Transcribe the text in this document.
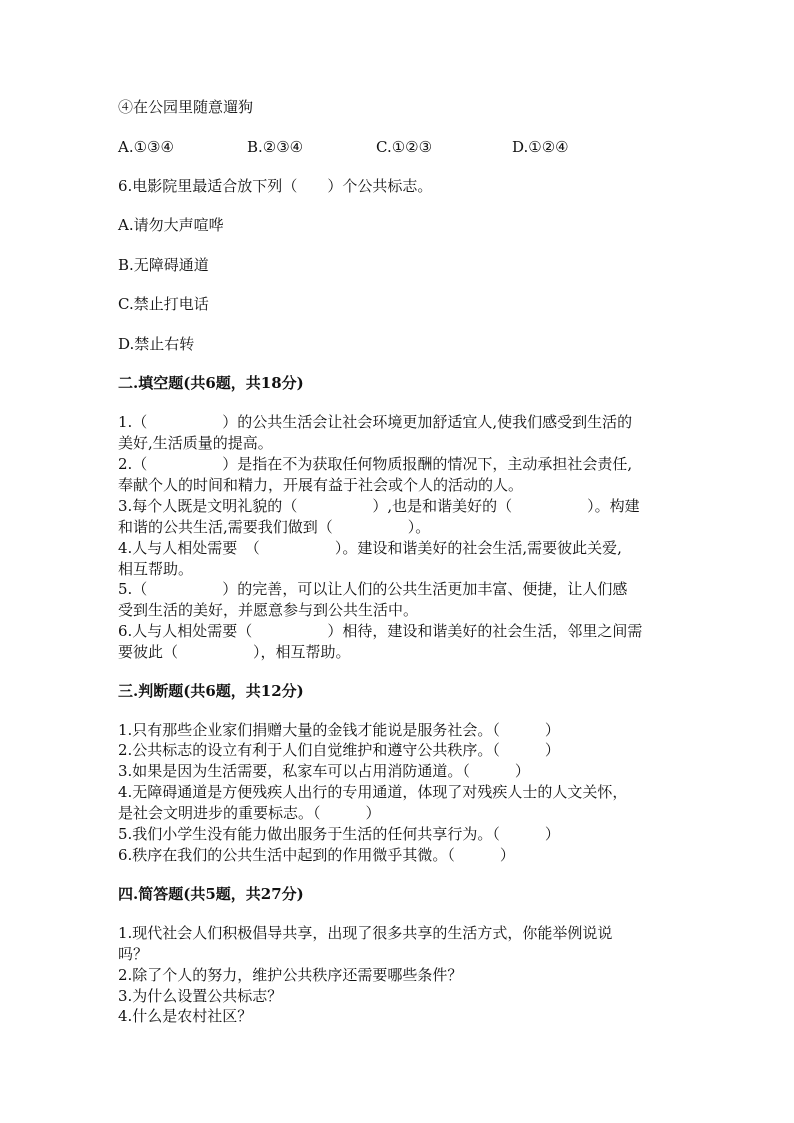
④在公园里随意遛狗
A.①③④	B.②③④	C.①②③	D.①②④
6.电影院里最适合放下列（　　）个公共标志。
A.请勿大声喧哗
B.无障碍通道
C.禁止打电话
D.禁止右转
二.填空题(共6题，共18分)
1.（　　　　　）的公共生活会让社会环境更加舒适宜人,使我们感受到生活的
美好,生活质量的提高。
2.（　　　　　）是指在不为获取任何物质报酬的情况下，主动承担社会责任,
奉献个人的时间和精力，开展有益于社会或个人的活动的人。
3.每个人既是文明礼貌的（　　　　　）,也是和谐美好的（　　　　　）。构建
和谐的公共生活,需要我们做到（　　　　　）。
4.人与人相处需要　（　　　　　）。建设和谐美好的社会生活,需要彼此关爱,
相互帮助。
5.（　　　　　）的完善，可以让人们的公共生活更加丰富、便捷，让人们感
受到生活的美好，并愿意参与到公共生活中。
6.人与人相处需要（　　　　　）相待，建设和谐美好的社会生活，邻里之间需
要彼此（　　　　　），相互帮助。
三.判断题(共6题，共12分)
1.只有那些企业家们捐赠大量的金钱才能说是服务社会。（　　　）
2.公共标志的设立有利于人们自觉维护和遵守公共秩序。（　　　）
3.如果是因为生活需要，私家车可以占用消防通道。（　　　）
4.无障碍通道是方便残疾人出行的专用通道，体现了对残疾人士的人文关怀，
是社会文明进步的重要标志。（　　　）
5.我们小学生没有能力做出服务于生活的任何共享行为。（　　　）
6.秩序在我们的公共生活中起到的作用微乎其微。（　　　）
四.简答题(共5题，共27分)
1.现代社会人们积极倡导共享，出现了很多共享的生活方式，你能举例说说
吗？
2.除了个人的努力，维护公共秩序还需要哪些条件？
3.为什么设置公共标志？
4.什么是农村社区？
